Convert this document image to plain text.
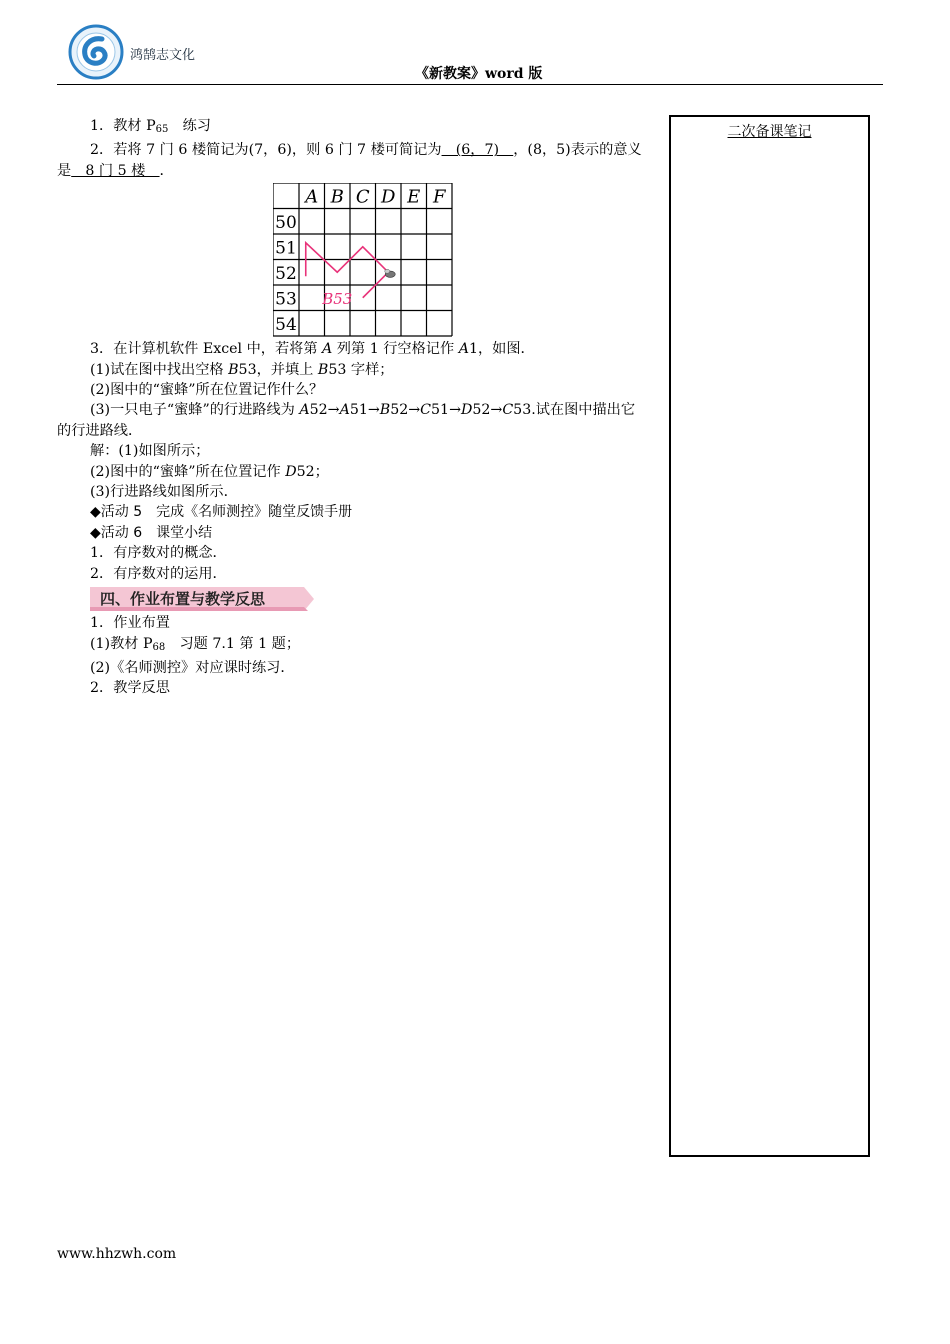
鸿鹄志文化
《新教案》word 版

1．教材 $P_{65}$　练习

2．若将 7 门 6 楼简记为(7，6)，则 6 门 7 楼可简记为　(6，7)　，(8，5)表示的意义是　8 门 5 楼　．

A B C D E F
50
51
52
53
54
B53

3．在计算机软件 Excel 中，若将第 A 列第 1 行空格记作 A1，如图．

(1)试在图中找出空格 B53，并填上 B53 字样；

(2)图中的“蜜蜂”所在位置记作什么？

(3)一只电子“蜜蜂”的行进路线为 A52→A51→B52→C51→D52→C53.试在图中描出它的行进路线．

解：(1)如图所示；

(2)图中的“蜜蜂”所在位置记作 D52；

(3)行进路线如图所示．

◆活动 5　完成《名师测控》随堂反馈手册

◆活动 6　课堂小结

1．有序数对的概念．

2．有序数对的运用．

四、作业布置与教学反思

1．作业布置

(1)教材 $P_{68}$　习题 7.1 第 1 题；

(2)《名师测控》对应课时练习．

2．教学反思

二次备课笔记
www.hhzwh.com
